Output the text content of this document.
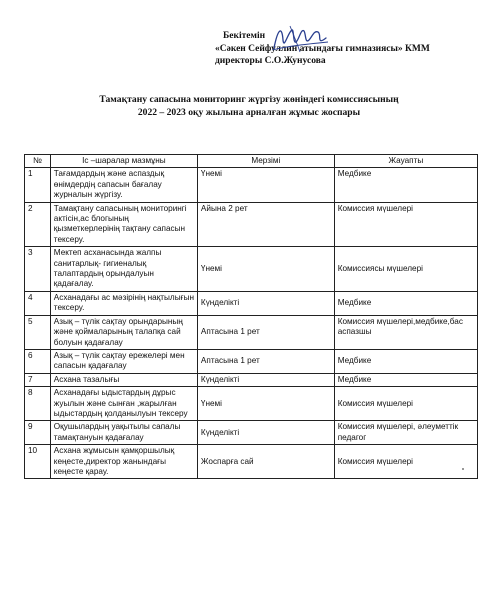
Бекітемін
«Сәкен Сейфуллин атындағы гимназиясы» КММ
директоры С.О.Жунусова
Тамақтану сапасына мониторинг жүргізу жөніндегі комиссиясының
2022 – 2023 оқу жылына арналған жұмыс жоспары
№	Іс –шаралар мазмұны	Мерзімі	Жауапты
1	Тағамдардың және аспаздық өнімдердің сапасын бағалау журналын жүргізу.	Үнемі	Медбике
2	Тамақтану сапасының мониторингі актісін,ас блогының қызметкерлерінің тақтану сапасын тексеру.	Айына 2 рет	Комиссия мүшелері
3	Мектеп асханасында жалпы санитарлық- гигиеналық талаптардың орындалуын қадағалау.	Үнемі	Комиссиясы мүшелері
4	Асханадағы ас мәзірінің нақтылығын тексеру.	Күнделікті	Медбике
5	Азық – түлік сақтау орындарының және қоймаларының талапқа сай болуын қадағалау	Аптасына 1 рет	Комиссия мүшелері,медбике,бас аспазшы
6	Азық – түлік сақтау ережелері мен сапасын қадағалау	Аптасына 1 рет	Медбике
7	Асхана тазалығы	Күнделікті	Медбике
8	Асханадағы ыдыстардың дұрыс жуылын және сынған ,жарылған ыдыстардың қолданылуын тексеру	Үнемі	Комиссия мүшелері
9	Оқушылардың уақытылы сапалы тамақтануын қадағалау	Күнделікті	Комиссия мүшелері, әлеуметтік педагог
10	Асхана жұмысын қамқоршылық кеңесте,директор жанындағы кеңесте қарау.	Жоспарға сай	Комиссия мүшелері
